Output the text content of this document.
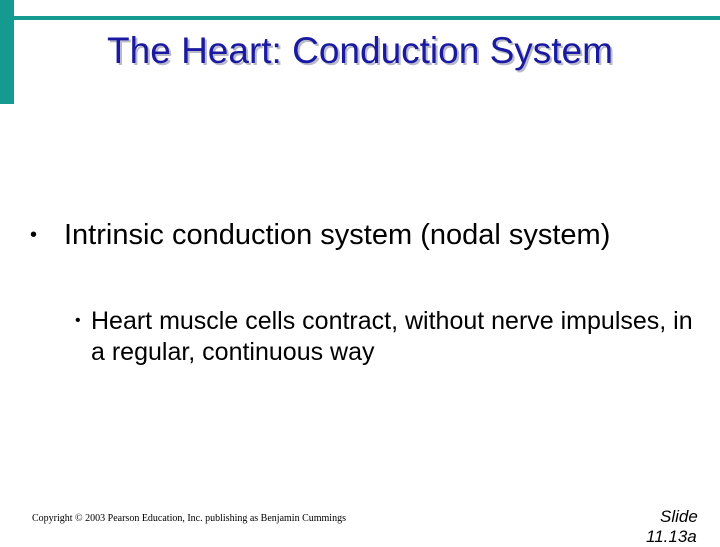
The Heart: Conduction System
• Intrinsic conduction system (nodal system)
• Heart muscle cells contract, without nerve impulses, in a regular, continuous way
Copyright © 2003 Pearson Education, Inc. publishing as Benjamin Cummings	Slide
11.13a
